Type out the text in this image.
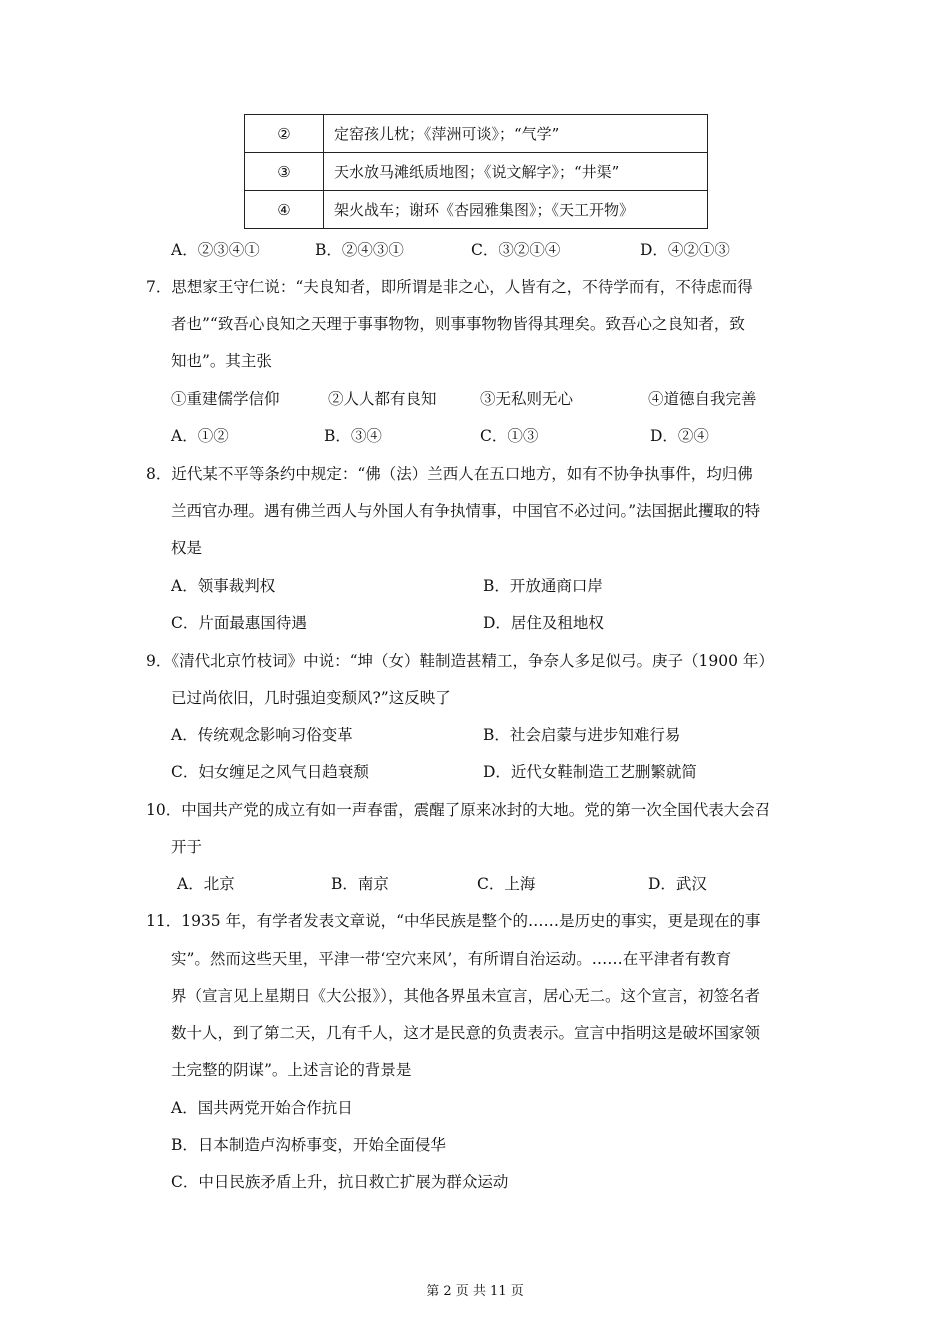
②	定窑孩儿枕；《萍洲可谈》；“气学”
③	天水放马滩纸质地图；《说文解字》；“井渠”
④	架火战车；谢环《杏园雅集图》；《天工开物》
A．②③④①	B．②④③①	C．③②①④	D．④②①③
7．思想家王守仁说：“夫良知者，即所谓是非之心，人皆有之，不待学而有，不待虑而得
者也”“致吾心良知之天理于事事物物，则事事物物皆得其理矣。致吾心之良知者，致
知也”。其主张
①重建儒学信仰	②人人都有良知	③无私则无心	④道德自我完善
A．①②	B．③④	C．①③	D．②④
8．近代某不平等条约中规定：“佛（法）兰西人在五口地方，如有不协争执事件，均归佛
兰西官办理。遇有佛兰西人与外国人有争执情事，中国官不必过问。”法国据此攫取的特
权是
A．领事裁判权	B．开放通商口岸
C．片面最惠国待遇	D．居住及租地权
9．《清代北京竹枝词》中说：“坤（女）鞋制造甚精工，争奈人多足似弓。庚子（1900 年）
已过尚依旧，几时强迫变颓风?”这反映了
A．传统观念影响习俗变革	B．社会启蒙与进步知难行易
C．妇女缠足之风气日趋衰颓	D．近代女鞋制造工艺删繁就简
10．中国共产党的成立有如一声春雷，震醒了原来冰封的大地。党的第一次全国代表大会召
开于
A．北京	B．南京	C．上海	D．武汉
11．1935 年，有学者发表文章说，“中华民族是整个的……是历史的事实，更是现在的事
实”。然而这些天里，平津一带‘空穴来风’，有所谓自治运动。……在平津者有教育
界（宣言见上星期日《大公报》），其他各界虽未宣言，居心无二。这个宣言，初签名者
数十人，到了第二天，几有千人，这才是民意的负责表示。宣言中指明这是破坏国家领
土完整的阴谋”。上述言论的背景是
A．国共两党开始合作抗日
B．日本制造卢沟桥事变，开始全面侵华
C．中日民族矛盾上升，抗日救亡扩展为群众运动
第 2 页 共 11 页
